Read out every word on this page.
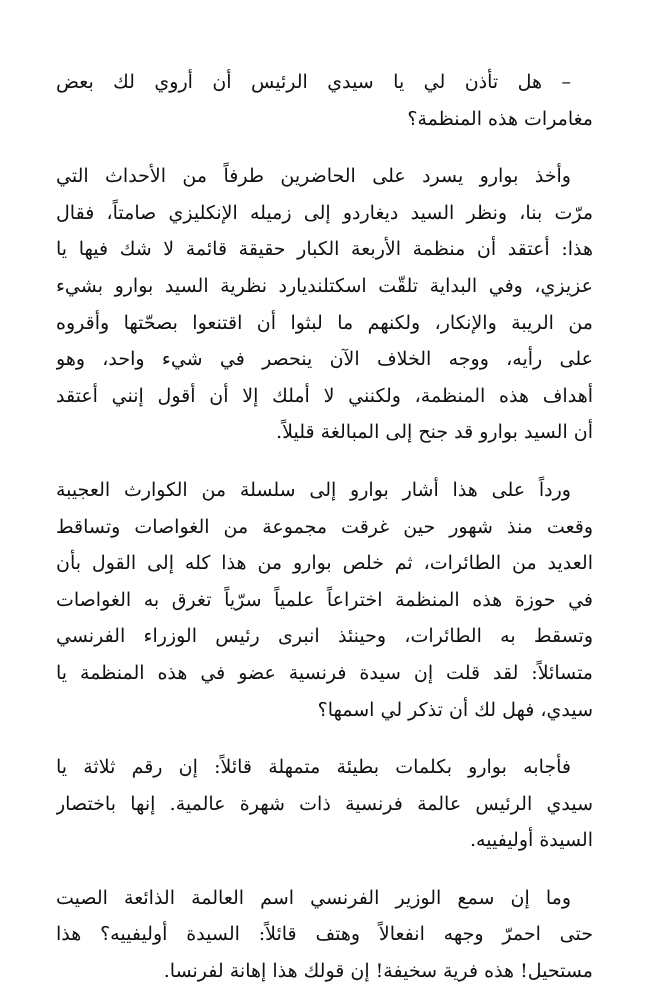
– هل تأذن لي يا سيدي الرئيس أن أروي لك بعض
مغامرات هذه المنظمة؟

وأخذ بوارو يسرد على الحاضرين طرفاً من الأحداث التي
مرّت بنا، ونظر السيد ديغاردو إلى زميله الإنكليزي صامتاً، فقال
هذا: أعتقد أن منظمة الأربعة الكبار حقيقة قائمة لا شك فيها يا
عزيزي، وفي البداية تلقّت اسكتلنديارد نظرية السيد بوارو بشيء
من الريبة والإنكار، ولكنهم ما لبثوا أن اقتنعوا بصحّتها وأقروه
على رأيه، ووجه الخلاف الآن ينحصر في شيء واحد، وهو
أهداف هذه المنظمة، ولكنني لا أملك إلا أن أقول إنني أعتقد
أن السيد بوارو قد جنح إلى المبالغة قليلاً.

ورداً على هذا أشار بوارو إلى سلسلة من الكوارث العجيبة
وقعت منذ شهور حين غرقت مجموعة من الغواصات وتساقط
العديد من الطائرات، ثم خلص بوارو من هذا كله إلى القول بأن
في حوزة هذه المنظمة اختراعاً علمياً سرّياً تغرق به الغواصات
وتسقط به الطائرات، وحينئذ انبرى رئيس الوزراء الفرنسي
متسائلاً: لقد قلت إن سيدة فرنسية عضو في هذه المنظمة يا
سيدي، فهل لك أن تذكر لي اسمها؟

فأجابه بوارو بكلمات بطيئة متمهلة قائلاً: إن رقم ثلاثة يا
سيدي الرئيس عالمة فرنسية ذات شهرة عالمية. إنها باختصار
السيدة أوليفييه.

وما إن سمع الوزير الفرنسي اسم العالمة الذائعة الصيت
حتى احمرّ وجهه انفعالاً وهتف قائلاً: السيدة أوليفييه؟ هذا
مستحيل! هذه فرية سخيفة! إن قولك هذا إهانة لفرنسا.
